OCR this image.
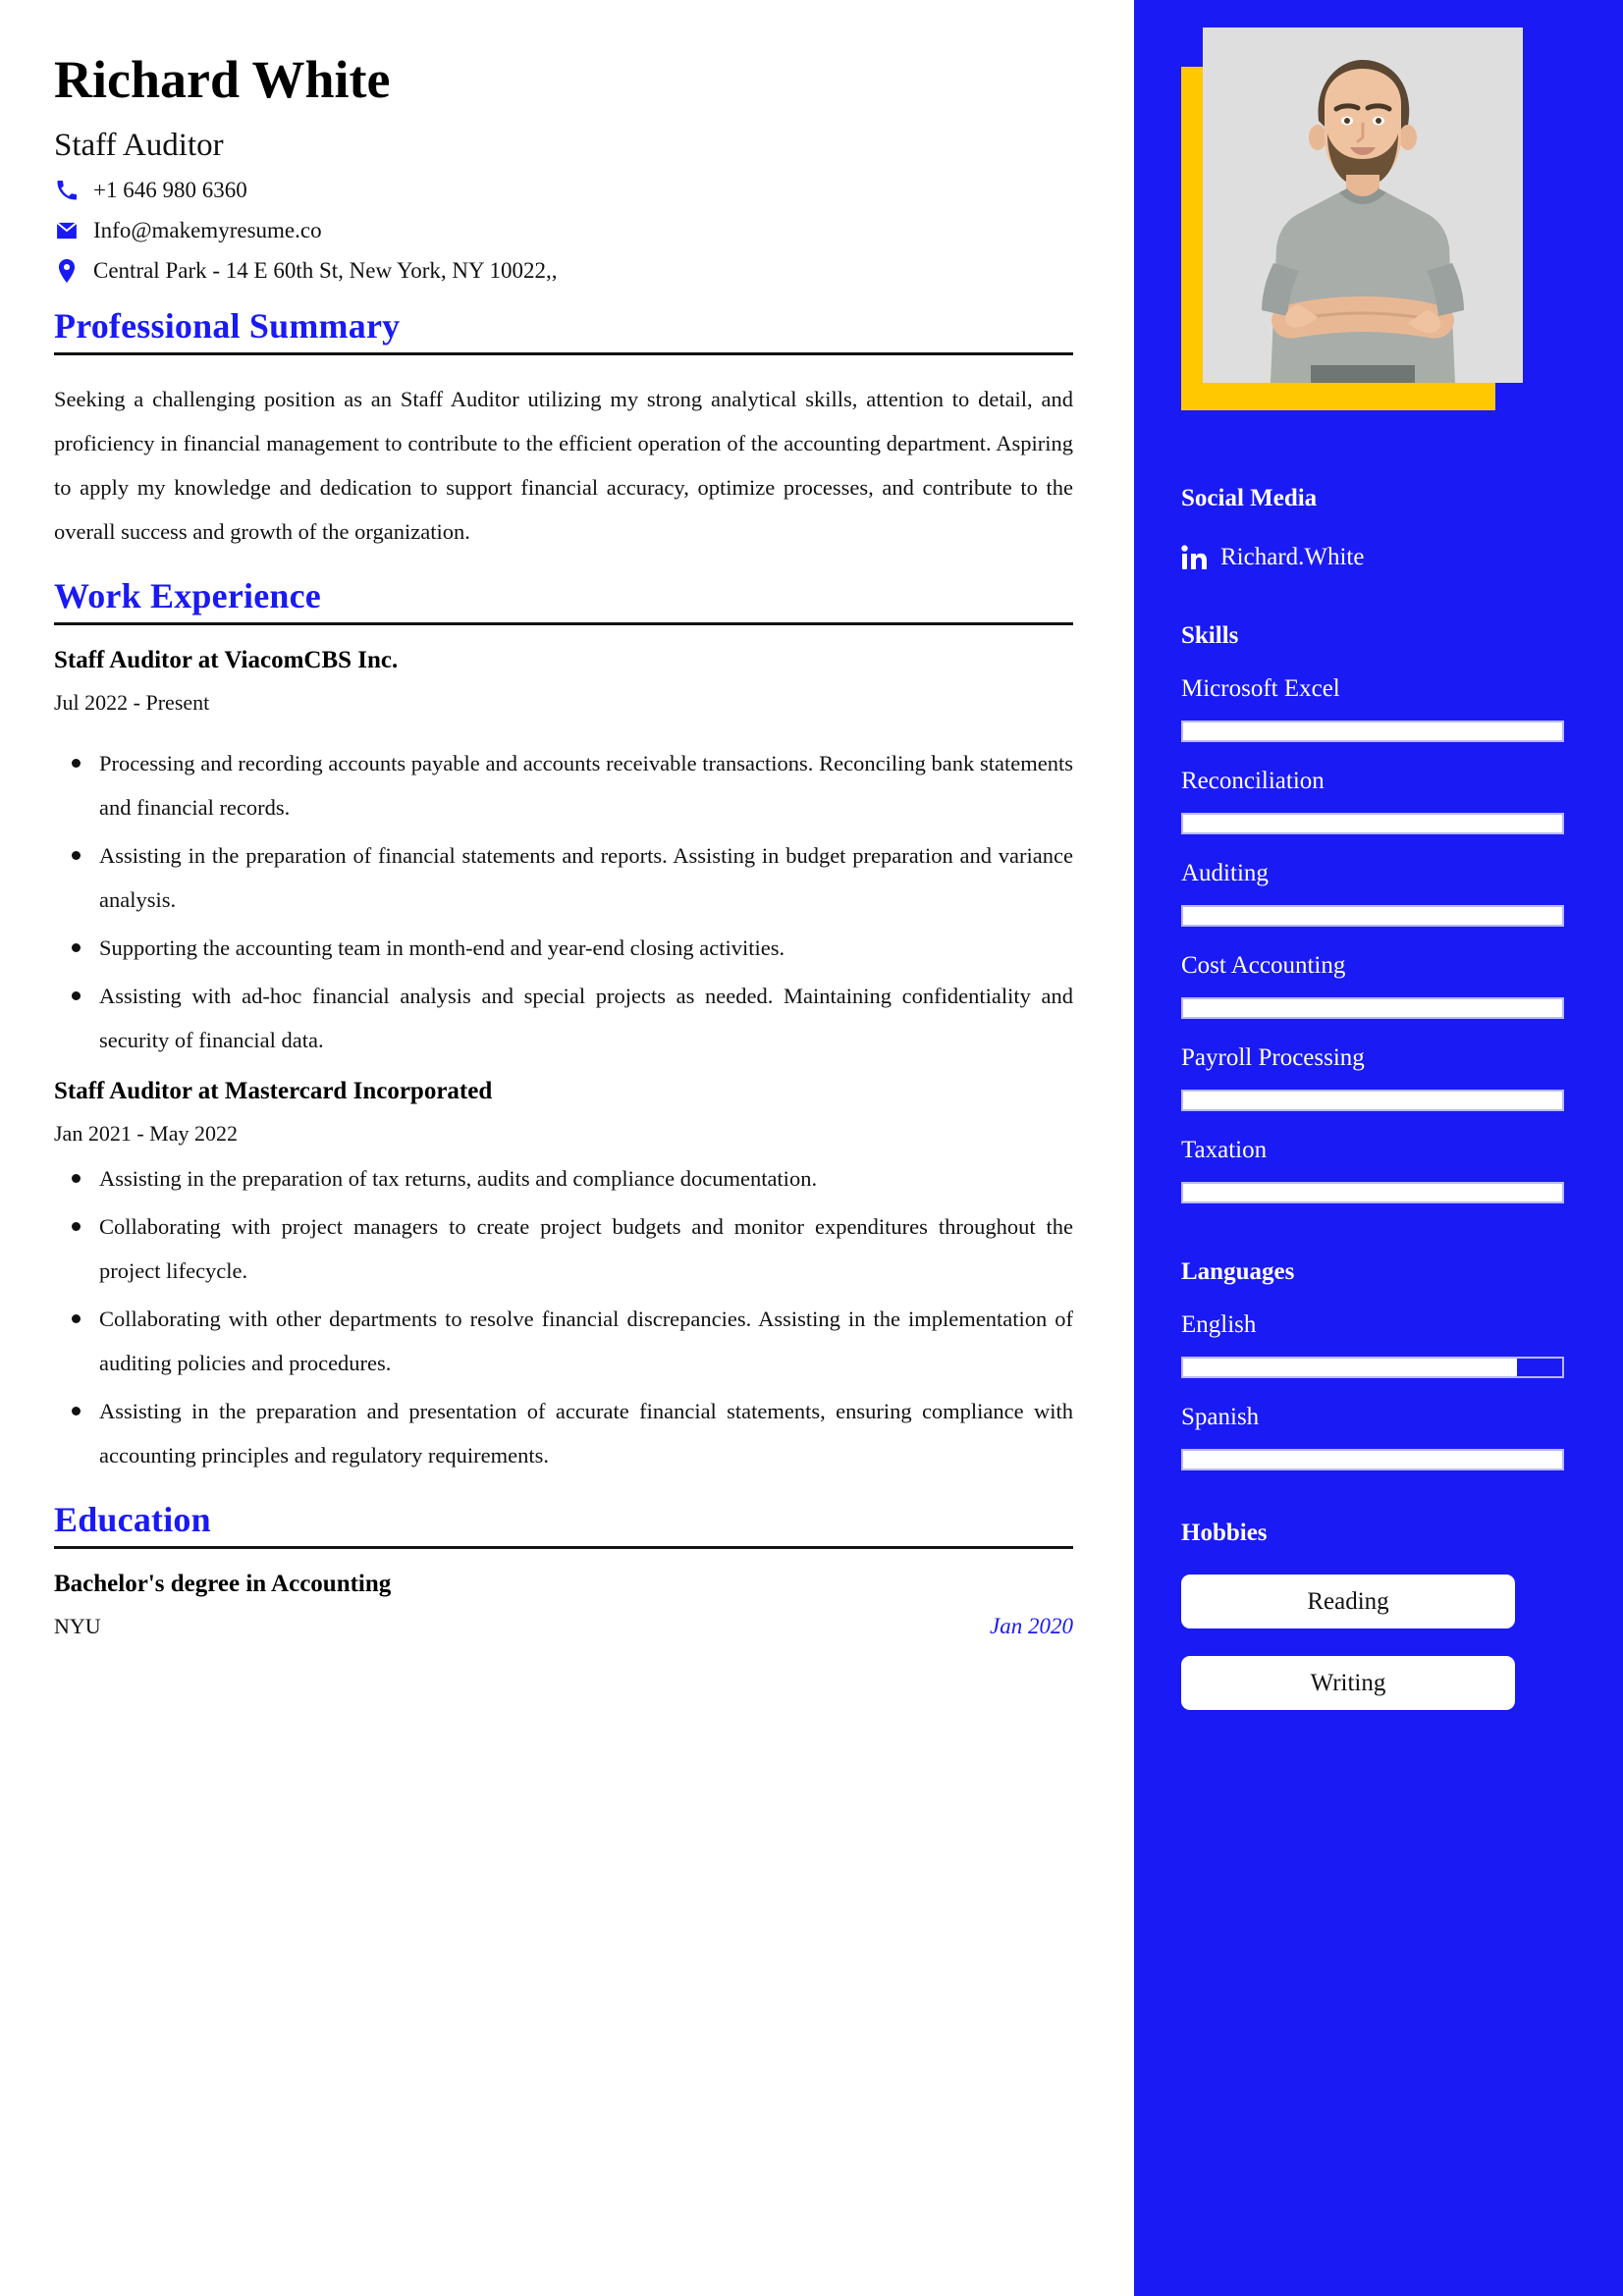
Richard White
Staff Auditor
+1 646 980 6360
Info@makemyresume.co
Central Park - 14 E 60th St, New York, NY 10022,,
Professional Summary

Seeking a challenging position as an Staff Auditor utilizing my strong analytical skills, attention to detail, and proficiency in financial management to contribute to the efficient operation of the accounting department. Aspiring to apply my knowledge and dedication to support financial accuracy, optimize processes, and contribute to the overall success and growth of the organization.

Work Experience
Staff Auditor at ViacomCBS Inc.
Jul 2022 - Present
Processing and recording accounts payable and accounts receivable transactions. Reconciling bank statements and financial records.
Assisting in the preparation of financial statements and reports. Assisting in budget preparation and variance analysis.
Supporting the accounting team in month-end and year-end closing activities.
Assisting with ad-hoc financial analysis and special projects as needed. Maintaining confidentiality and security of financial data.
Staff Auditor at Mastercard Incorporated
Jan 2021 - May 2022
Assisting in the preparation of tax returns, audits and compliance documentation.
Collaborating with project managers to create project budgets and monitor expenditures throughout the project lifecycle.
Collaborating with other departments to resolve financial discrepancies. Assisting in the implementation of auditing policies and procedures.
Assisting in the preparation and presentation of accurate financial statements, ensuring compliance with accounting principles and regulatory requirements.
Education
Bachelor's degree in Accounting
NYU	Jan 2020
Social Media
Richard.White
Skills
Microsoft Excel
Reconciliation
Auditing
Cost Accounting
Payroll Processing
Taxation
Languages
English
Spanish
Hobbies
Reading
Writing
